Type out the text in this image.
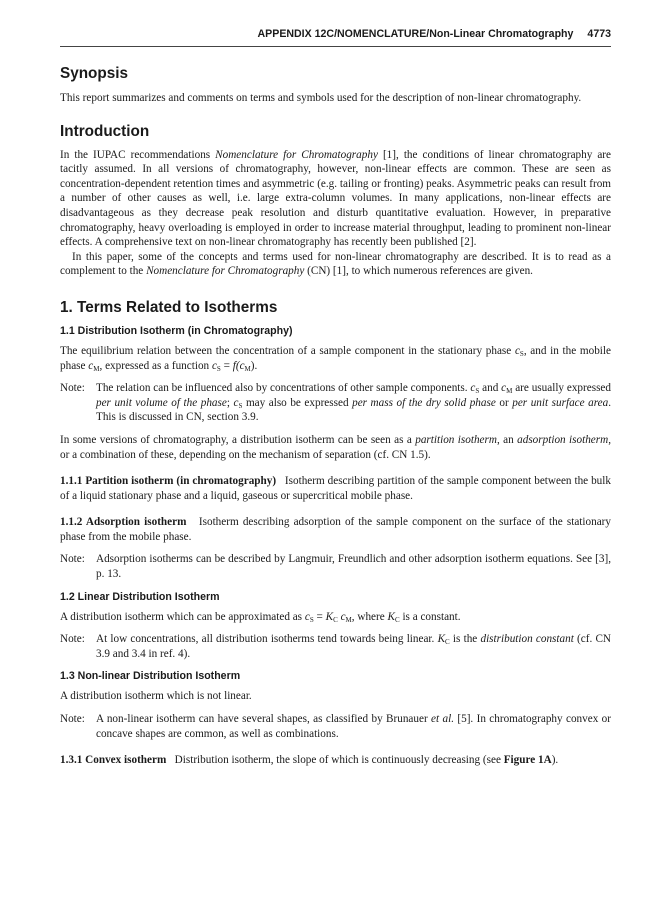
APPENDIX 12C/NOMENCLATURE/Non-Linear Chromatography 4773
Synopsis

This report summarizes and comments on terms and symbols used for the description of non-linear chromatography.

Introduction

In the IUPAC recommendations Nomenclature for Chromatography [1], the conditions of linear chromatography are tacitly assumed. In all versions of chromatography, however, non-linear effects are common. These are seen as concentration-dependent retention times and asymmetric (e.g. tailing or fronting) peaks. Asymmetric peaks can result from a number of other causes as well, i.e. large extra-column volumes. In many applications, non-linear effects are disadvantageous as they decrease peak resolution and disturb quantitative evaluation. However, in preparative chromatography, heavy overloading is employed in order to increase material throughput, leading to prominent non-linear effects. A comprehensive text on non-linear chromatography has recently been published [2].

In this paper, some of the concepts and terms used for non-linear chromatography are described. It is to read as a complement to the Nomenclature for Chromatography (CN) [1], to which numerous references are given.

1. Terms Related to Isotherms
1.1 Distribution Isotherm (in Chromatography)

The equilibrium relation between the concentration of a sample component in the stationary phase $c_S$, and in the mobile phase $c_M$, expressed as a function $c_S = f(c_M)$.

Note: The relation can be influenced also by concentrations of other sample components. $c_S$ and $c_M$ are usually expressed per unit volume of the phase; $c_S$ may also be expressed per mass of the dry solid phase or per unit surface area. This is discussed in CN, section 3.9.

In some versions of chromatography, a distribution isotherm can be seen as a partition isotherm, an adsorption isotherm, or a combination of these, depending on the mechanism of separation (cf. CN 1.5).

1.1.1 Partition isotherm (in chromatography) Isotherm describing partition of the sample component between the bulk of a liquid stationary phase and a liquid, gaseous or supercritical mobile phase.

1.1.2 Adsorption isotherm Isotherm describing adsorption of the sample component on the surface of the stationary phase from the mobile phase.

Note: Adsorption isotherms can be described by Langmuir, Freundlich and other adsorption isotherm equations. See [3], p. 13.
1.2 Linear Distribution Isotherm

A distribution isotherm which can be approximated as $c_S = K_C$ $c_M$, where $K_C$ is a constant.

Note: At low concentrations, all distribution isotherms tend towards being linear. $K_C$ is the distribution constant (cf. CN 3.9 and 3.4 in ref. 4).
1.3 Non-linear Distribution Isotherm

A distribution isotherm which is not linear.

Note: A non-linear isotherm can have several shapes, as classified by Brunauer et al. [5]. In chromatography convex or concave shapes are common, as well as combinations.

1.3.1 Convex isotherm Distribution isotherm, the slope of which is continuously decreasing (see Figure 1A).
